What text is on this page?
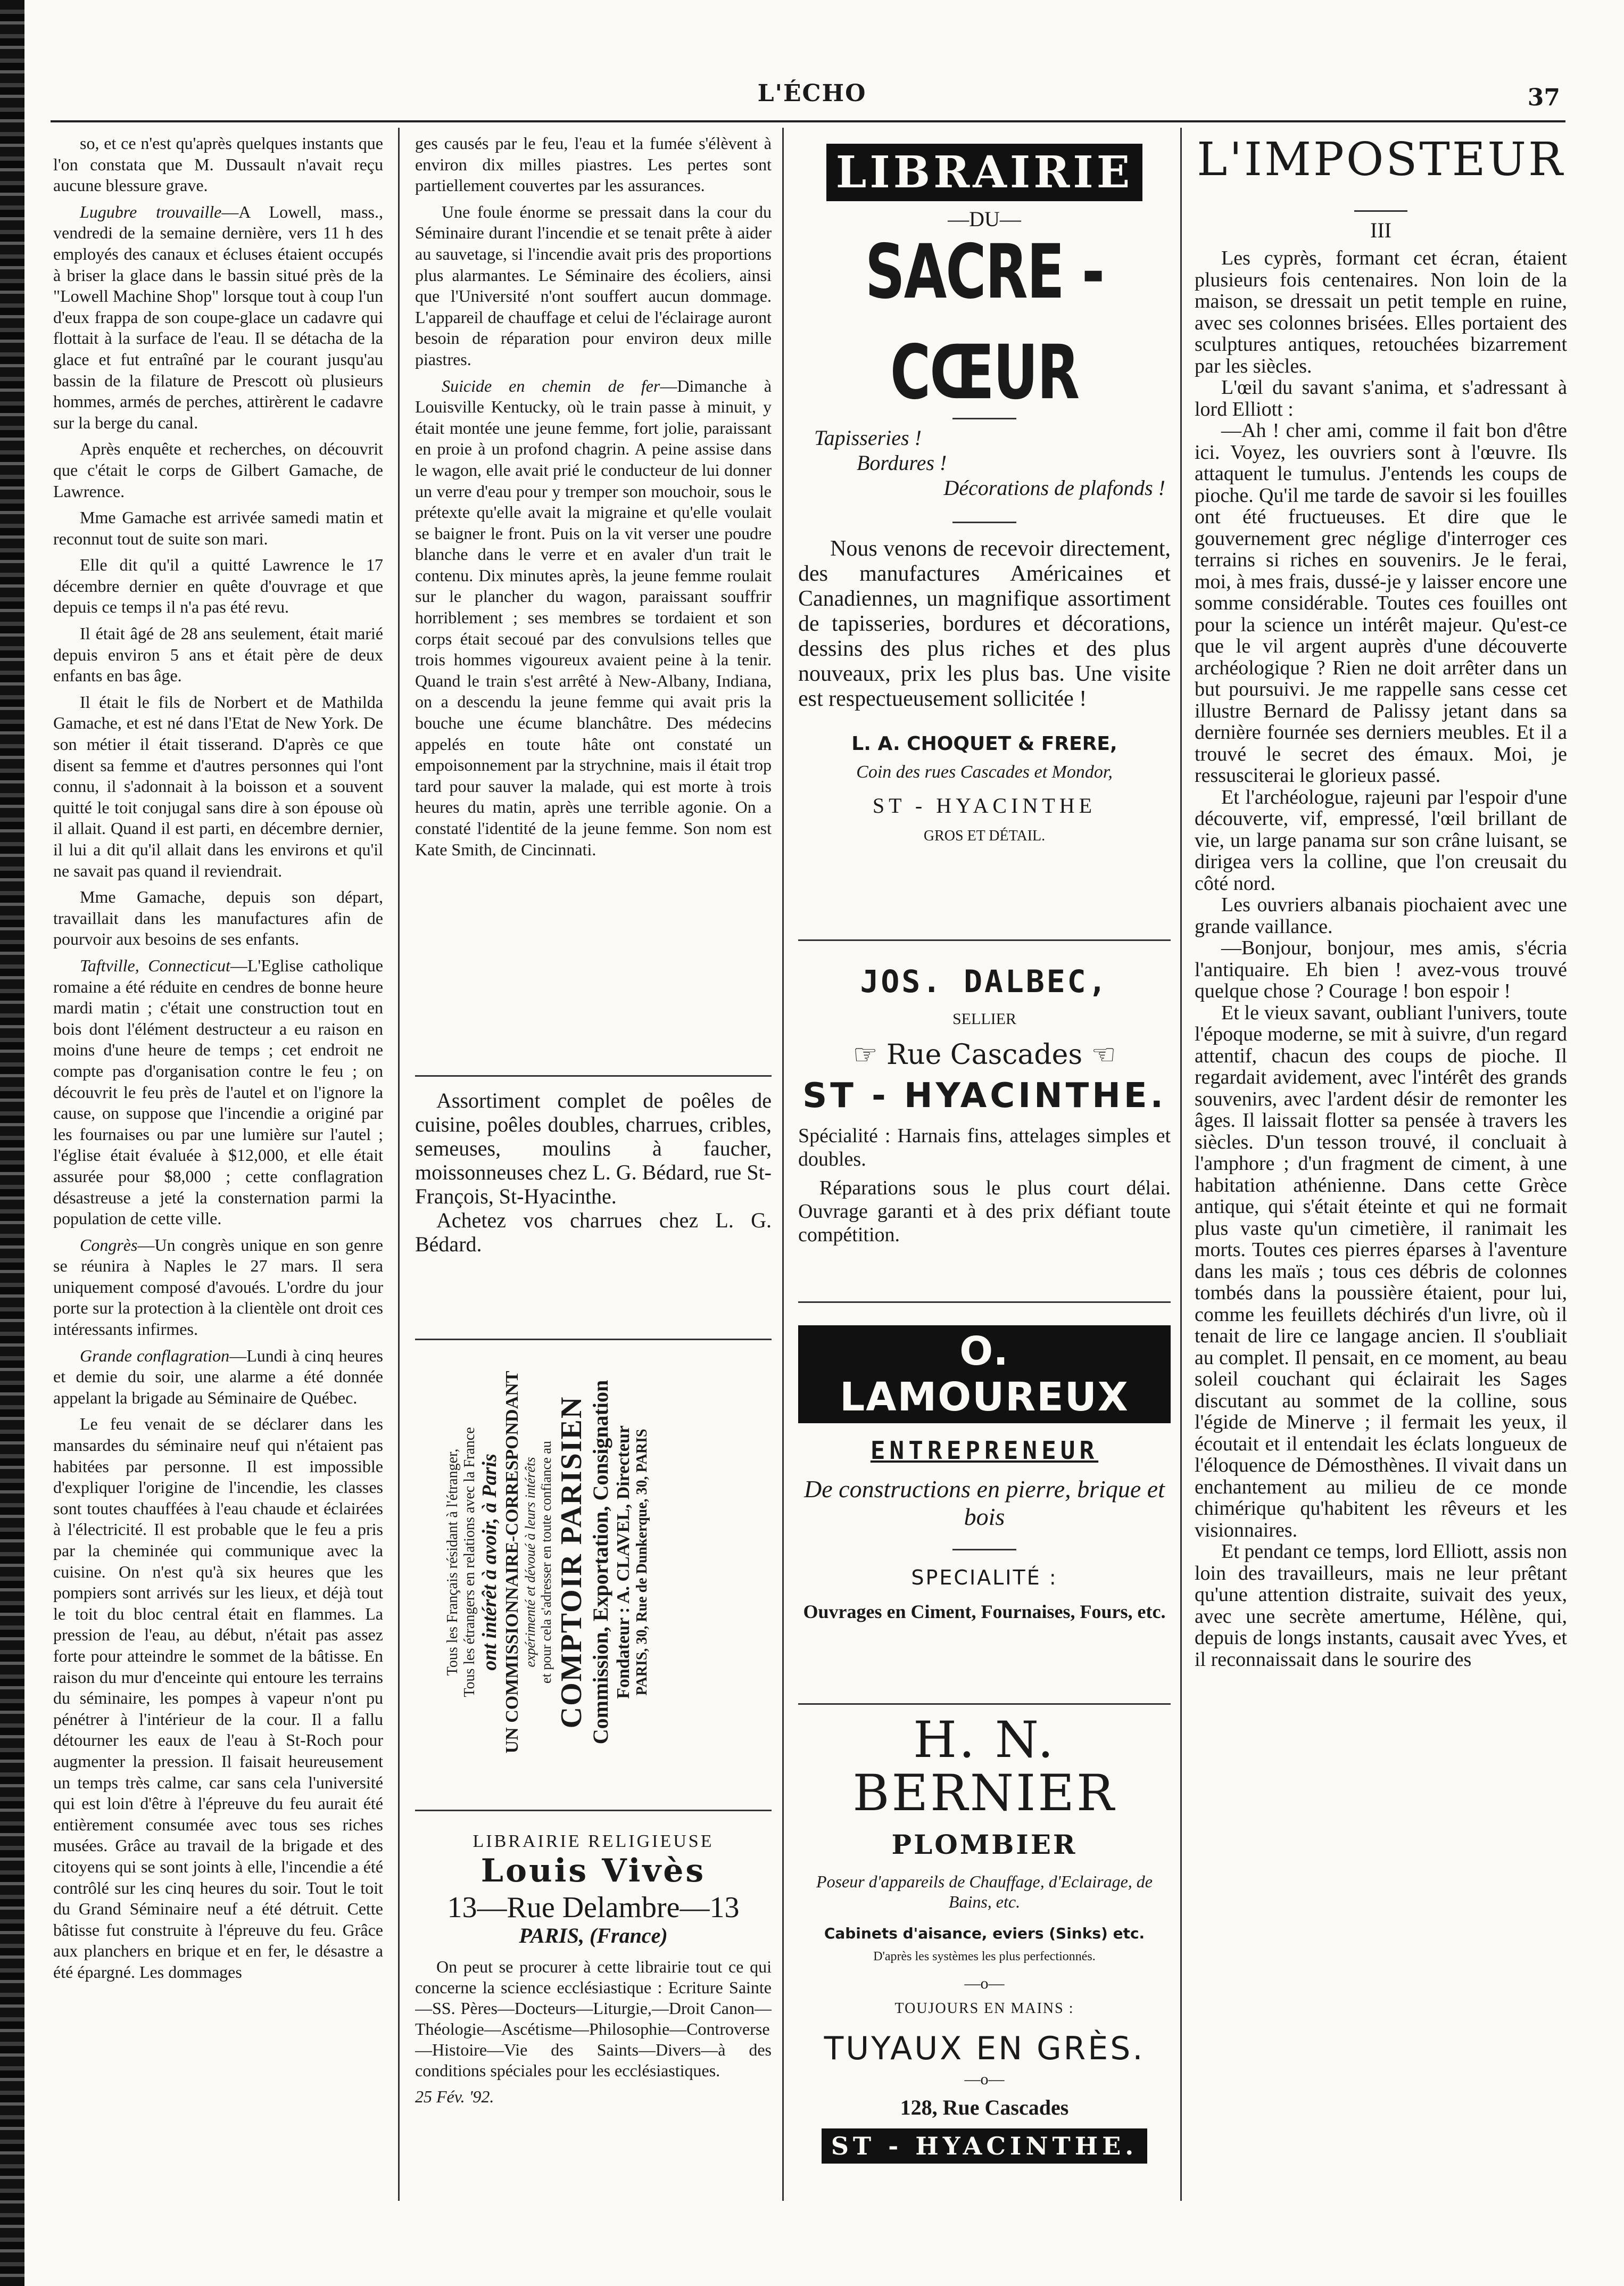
L'ÉCHO	37

so, et ce n'est qu'après quelques instants que l'on constata que M. Dussault n'avait reçu aucune blessure grave.

Lugubre trouvaille—A Lowell, mass., vendredi de la semaine dernière, vers 11 h des employés des canaux et écluses étaient occupés à briser la glace dans le bassin situé près de la "Lowell Machine Shop" lorsque tout à coup l'un d'eux frappa de son coupe-glace un cadavre qui flottait à la surface de l'eau. Il se détacha de la glace et fut entraîné par le courant jusqu'au bassin de la filature de Prescott où plusieurs hommes, armés de perches, attirèrent le cadavre sur la berge du canal.

Après enquête et recherches, on découvrit que c'était le corps de Gilbert Gamache, de Lawrence.

Mme Gamache est arrivée samedi matin et reconnut tout de suite son mari.

Elle dit qu'il a quitté Lawrence le 17 décembre dernier en quête d'ouvrage et que depuis ce temps il n'a pas été revu.

Il était âgé de 28 ans seulement, était marié depuis environ 5 ans et était père de deux enfants en bas âge.

Il était le fils de Norbert et de Mathilda Gamache, et est né dans l'Etat de New York. De son métier il était tisserand. D'après ce que disent sa femme et d'autres personnes qui l'ont connu, il s'adonnait à la boisson et a souvent quitté le toit conjugal sans dire à son épouse où il allait. Quand il est parti, en décembre dernier, il lui a dit qu'il allait dans les environs et qu'il ne savait pas quand il reviendrait.

Mme Gamache, depuis son départ, travaillait dans les manufactures afin de pourvoir aux besoins de ses enfants.

Taftville, Connecticut—L'Eglise catholique romaine a été réduite en cendres de bonne heure mardi matin ; c'était une construction tout en bois dont l'élément destructeur a eu raison en moins d'une heure de temps ; cet endroit ne compte pas d'organisation contre le feu ; on découvrit le feu près de l'autel et on l'ignore la cause, on suppose que l'incendie a originé par les fournaises ou par une lumière sur l'autel ; l'église était évaluée à $12,000, et elle était assurée pour $8,000 ; cette conflagration désastreuse a jeté la consternation parmi la population de cette ville.

Congrès—Un congrès unique en son genre se réunira à Naples le 27 mars. Il sera uniquement composé d'avoués. L'ordre du jour porte sur la protection à la clientèle ont droit ces intéressants infirmes.

Grande conflagration—Lundi à cinq heures et demie du soir, une alarme a été donnée appelant la brigade au Séminaire de Québec.

Le feu venait de se déclarer dans les mansardes du séminaire neuf qui n'étaient pas habitées par personne. Il est impossible d'expliquer l'origine de l'incendie, les classes sont toutes chauffées à l'eau chaude et éclairées à l'électricité. Il est probable que le feu a pris par la cheminée qui communique avec la cuisine. On n'est qu'à six heures que les pompiers sont arrivés sur les lieux, et déjà tout le toit du bloc central était en flammes. La pression de l'eau, au début, n'était pas assez forte pour atteindre le sommet de la bâtisse. En raison du mur d'enceinte qui entoure les terrains du séminaire, les pompes à vapeur n'ont pu pénétrer à l'intérieur de la cour. Il a fallu détourner les eaux de l'eau à St-Roch pour augmenter la pression. Il faisait heureusement un temps très calme, car sans cela l'université qui est loin d'être à l'épreuve du feu aurait été entièrement consumée avec tous ses riches musées. Grâce au travail de la brigade et des citoyens qui se sont joints à elle, l'incendie a été contrôlé sur les cinq heures du soir. Tout le toit du Grand Séminaire neuf a été détruit. Cette bâtisse fut construite à l'épreuve du feu. Grâce aux planchers en brique et en fer, le désastre a été épargné. Les dommages

ges causés par le feu, l'eau et la fumée s'élèvent à environ dix milles piastres. Les pertes sont partiellement couvertes par les assurances.

Une foule énorme se pressait dans la cour du Séminaire durant l'incendie et se tenait prête à aider au sauvetage, si l'incendie avait pris des proportions plus alarmantes. Le Séminaire des écoliers, ainsi que l'Université n'ont souffert aucun dommage. L'appareil de chauffage et celui de l'éclairage auront besoin de réparation pour environ deux mille piastres.

Suicide en chemin de fer—Dimanche à Louisville Kentucky, où le train passe à minuit, y était montée une jeune femme, fort jolie, paraissant en proie à un profond chagrin. A peine assise dans le wagon, elle avait prié le conducteur de lui donner un verre d'eau pour y tremper son mouchoir, sous le prétexte qu'elle avait la migraine et qu'elle voulait se baigner le front. Puis on la vit verser une poudre blanche dans le verre et en avaler d'un trait le contenu. Dix minutes après, la jeune femme roulait sur le plancher du wagon, paraissant souffrir horriblement ; ses membres se tordaient et son corps était secoué par des convulsions telles que trois hommes vigoureux avaient peine à la tenir. Quand le train s'est arrêté à New-Albany, Indiana, on a descendu la jeune femme qui avait pris la bouche une écume blanchâtre. Des médecins appelés en toute hâte ont constaté un empoisonnement par la strychnine, mais il était trop tard pour sauver la malade, qui est morte à trois heures du matin, après une terrible agonie. On a constaté l'identité de la jeune femme. Son nom est Kate Smith, de Cincinnati.

Assortiment complet de poêles de cuisine, poêles doubles, charrues, cribles, semeuses, moulins à faucher, moissonneuses chez L. G. Bédard, rue St-François, St-Hyacinthe.

Achetez vos charrues chez L. G. Bédard.

Tous les Français résidant à l'étranger, Tous les étrangers en relations avec la France ont intérêt à avoir, à Paris UN COMMISSIONNAIRE-CORRESPONDANT expérimenté et dévoué à leurs intérêts et pour cela s'adresser en toute confiance au COMPTOIR PARISIEN Commission, Exportation, Consignation Fondateur : A. CLAVEL, Directeur PARIS, 30, Rue de Dunkerque, 30, PARIS
LIBRAIRIE RELIGIEUSE
Louis Vivès
13—Rue Delambre—13
PARIS, (France)
On peut se procurer à cette librairie tout ce qui concerne la science ecclésiastique : Ecriture Sainte—SS. Pères—Docteurs—Liturgie,—Droit Canon—Théologie—Ascétisme—Philosophie—Controverse—Histoire—Vie des Saints—Divers—à des conditions spéciales pour les ecclésiastiques.
25 Fév. '92.
LIBRAIRIE
—DU—
SACRE - CŒUR
Tapisseries !
Bordures !
Décorations de plafonds !
Nous venons de recevoir directement, des manufactures Américaines et Canadiennes, un magnifique assortiment de tapisseries, bordures et décorations, dessins des plus riches et des plus nouveaux, prix les plus bas. Une visite est respectueusement sollicitée !
L. A. CHOQUET & FRERE,
Coin des rues Cascades et Mondor,
ST - HYACINTHE
GROS ET DÉTAIL.
JOS. DALBEC,
SELLIER
☞ Rue Cascades ☜
ST - HYACINTHE.
Spécialité : Harnais fins, attelages simples et doubles.
Réparations sous le plus court délai. Ouvrage garanti et à des prix défiant toute compétition.
O. LAMOUREUX
ENTREPRENEUR
De constructions en pierre, brique et bois
SPECIALITÉ :
Ouvrages en Ciment, Fournaises, Fours, etc.
H. N. BERNIER
PLOMBIER
Poseur d'appareils de Chauffage, d'Eclairage, de Bains, etc.
Cabinets d'aisance, eviers (Sinks) etc.
D'après les systèmes les plus perfectionnés.
—o—
TOUJOURS EN MAINS :
TUYAUX EN GRÈS.
—o—
128, Rue Cascades
ST - HYACINTHE.
L'IMPOSTEUR
III

Les cyprès, formant cet écran, étaient plusieurs fois centenaires. Non loin de la maison, se dressait un petit temple en ruine, avec ses colonnes brisées. Elles portaient des sculptures antiques, retouchées bizarrement par les siècles.

L'œil du savant s'anima, et s'adressant à lord Elliott :

—Ah ! cher ami, comme il fait bon d'être ici. Voyez, les ouvriers sont à l'œuvre. Ils attaquent le tumulus. J'entends les coups de pioche. Qu'il me tarde de savoir si les fouilles ont été fructueuses. Et dire que le gouvernement grec néglige d'interroger ces terrains si riches en souvenirs. Je le ferai, moi, à mes frais, dussé-je y laisser encore une somme considérable. Toutes ces fouilles ont pour la science un intérêt majeur. Qu'est-ce que le vil argent auprès d'une découverte archéologique ? Rien ne doit arrêter dans un but poursuivi. Je me rappelle sans cesse cet illustre Bernard de Palissy jetant dans sa dernière fournée ses derniers meubles. Et il a trouvé le secret des émaux. Moi, je ressusciterai le glorieux passé.

Et l'archéologue, rajeuni par l'espoir d'une découverte, vif, empressé, l'œil brillant de vie, un large panama sur son crâne luisant, se dirigea vers la colline, que l'on creusait du côté nord.

Les ouvriers albanais piochaient avec une grande vaillance.

—Bonjour, bonjour, mes amis, s'écria l'antiquaire. Eh bien ! avez-vous trouvé quelque chose ? Courage ! bon espoir !

Et le vieux savant, oubliant l'univers, toute l'époque moderne, se mit à suivre, d'un regard attentif, chacun des coups de pioche. Il regardait avidement, avec l'intérêt des grands souvenirs, avec l'ardent désir de remonter les âges. Il laissait flotter sa pensée à travers les siècles. D'un tesson trouvé, il concluait à l'amphore ; d'un fragment de ciment, à une habitation athénienne. Dans cette Grèce antique, qui s'était éteinte et qui ne formait plus vaste qu'un cimetière, il ranimait les morts. Toutes ces pierres éparses à l'aventure dans les maïs ; tous ces débris de colonnes tombés dans la poussière étaient, pour lui, comme les feuillets déchirés d'un livre, où il tenait de lire ce langage ancien. Il s'oubliait au complet. Il pensait, en ce moment, au beau soleil couchant qui éclairait les Sages discutant au sommet de la colline, sous l'égide de Minerve ; il fermait les yeux, il écoutait et il entendait les éclats longueux de l'éloquence de Démosthènes. Il vivait dans un enchantement au milieu de ce monde chimérique qu'habitent les rêveurs et les visionnaires.

Et pendant ce temps, lord Elliott, assis non loin des travailleurs, mais ne leur prêtant qu'une attention distraite, suivait des yeux, avec une secrète amertume, Hélène, qui, depuis de longs instants, causait avec Yves, et il reconnaissait dans le sourire des
